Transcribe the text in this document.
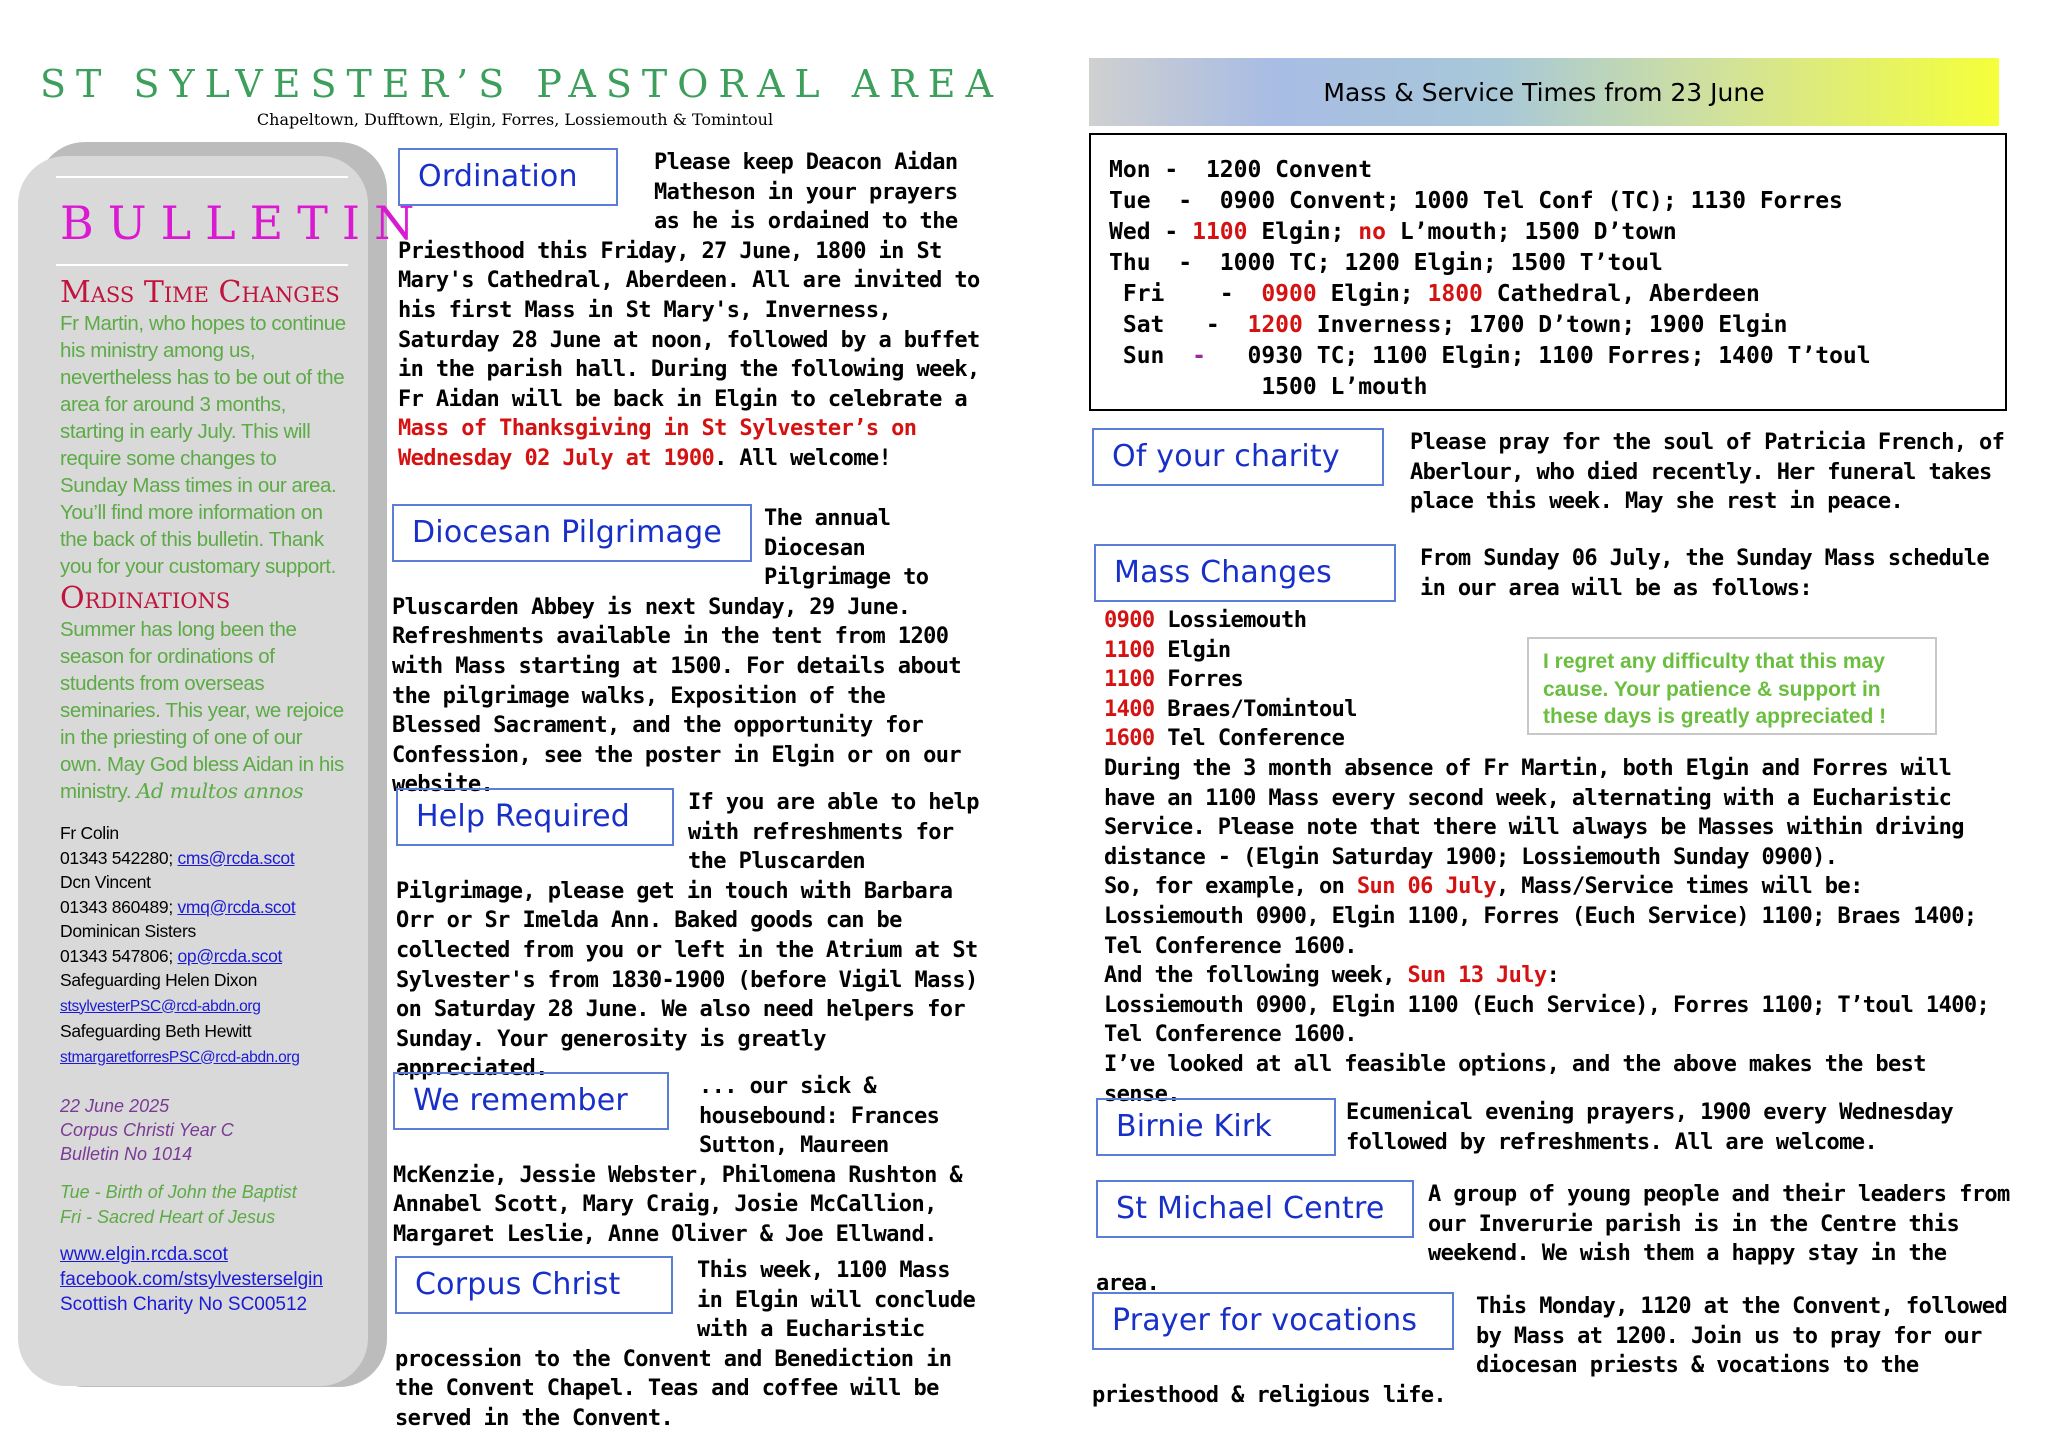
ST SYLVESTER’S PASTORAL AREA
Chapeltown, Dufftown, Elgin, Forres, Lossiemouth & Tomintoul
BULLETIN
Mass Time Changes
Fr Martin, who hopes to continue his ministry among us, nevertheless has to be out of the area for around 3 months, starting in early July. This will require some changes to Sunday Mass times in our area. You’ll find more information on the back of this bulletin. Thank you for your customary support.
Ordinations
Summer has long been the season for ordinations of students from overseas seminaries. This year, we rejoice in the priesting of one of our own. May God bless Aidan in his ministry. Ad multos annos
Fr Colin
01343 542280; cms@rcda.scot
Dcn Vincent
01343 860489; vmq@rcda.scot
Dominican Sisters
01343 547806; op@rcda.scot
Safeguarding Helen Dixon
stsylvesterPSC@rcd-abdn.org
Safeguarding Beth Hewitt
stmargaretforresPSC@rcd-abdn.org
22 June 2025
Corpus Christi Year C
Bulletin No 1014
Tue - Birth of John the Baptist
Fri - Sacred Heart of Jesus
www.elgin.rcda.scot
facebook.com/stsylvesterselgin
Scottish Charity No SC00512
Ordination	Please keep Deacon Aidan Matheson in your prayers as he is ordained to the Priesthood this Friday, 27 June, 1800 in St Mary's Cathedral, Aberdeen. All are invited to his first Mass in St Mary's, Inverness, Saturday 28 June at noon, followed by a buffet in the parish hall. During the following week, Fr Aidan will be back in Elgin to celebrate a Mass of Thanksgiving in St Sylvester’s on Wednesday 02 July at 1900. All welcome!
Diocesan Pilgrimage	The annual Diocesan Pilgrimage to Pluscarden Abbey is next Sunday, 29 June. Refreshments available in the tent from 1200 with Mass starting at 1500. For details about the pilgrimage walks, Exposition of the Blessed Sacrament, and the opportunity for Confession, see the poster in Elgin or on our website.
Help Required	If you are able to help with refreshments for the Pluscarden Pilgrimage, please get in touch with Barbara Orr or Sr Imelda Ann. Baked goods can be collected from you or left in the Atrium at St Sylvester's from 1830-1900 (before Vigil Mass) on Saturday 28 June. We also need helpers for Sunday. Your generosity is greatly appreciated.
We remember	... our sick & housebound: Frances Sutton, Maureen McKenzie, Jessie Webster, Philomena Rushton & Annabel Scott, Mary Craig, Josie McCallion, Margaret Leslie, Anne Oliver & Joe Ellwand.
Corpus Christ	This week, 1100 Mass in Elgin will conclude with a Eucharistic procession to the Convent and Benediction in the Convent Chapel. Teas and coffee will be served in the Convent.
Mass & Service Times from 23 June
Mon -  1200 Convent
Tue  -  0900 Convent; 1000 Tel Conf (TC); 1130 Forres
Wed - 1100 Elgin; no L’mouth; 1500 D’town
Thu  -  1000 TC; 1200 Elgin; 1500 T’toul
Fri    -  0900 Elgin; 1800 Cathedral, Aberdeen
Sat   -  1200 Inverness; 1700 D’town; 1900 Elgin
Sun  -   0930 TC; 1100 Elgin; 1100 Forres; 1400 T’toul
1500 L’mouth
Of your charity	Please pray for the soul of Patricia French, of Aberlour, who died recently. Her funeral takes place this week. May she rest in peace.
Mass Changes	From Sunday 06 July, the Sunday Mass schedule in our area will be as follows:
0900 Lossiemouth
1100 Elgin
1100 Forres
1400 Braes/Tomintoul
1600 Tel Conference
During the 3 month absence of Fr Martin, both Elgin and Forres will have an 1100 Mass every second week, alternating with a Eucharistic Service. Please note that there will always be Masses within driving distance - (Elgin Saturday 1900; Lossiemouth Sunday 0900).
So, for example, on Sun 06 July, Mass/Service times will be:
Lossiemouth 0900, Elgin 1100, Forres (Euch Service) 1100; Braes 1400; Tel Conference 1600.
And the following week, Sun 13 July:
Lossiemouth 0900, Elgin 1100 (Euch Service), Forres 1100; T’toul 1400; Tel Conference 1600.
I’ve looked at all feasible options, and the above makes the best sense.
I regret any difficulty that this may cause. Your patience & support in these days is greatly appreciated !
Birnie Kirk	Ecumenical evening prayers, 1900 every Wednesday followed by refreshments. All are welcome.
St Michael Centre	A group of young people and their leaders from our Inverurie parish is in the Centre this weekend. We wish them a happy stay in the area.
Prayer for vocations	This Monday, 1120 at the Convent, followed by Mass at 1200. Join us to pray for our diocesan priests & vocations to the priesthood & religious life.
